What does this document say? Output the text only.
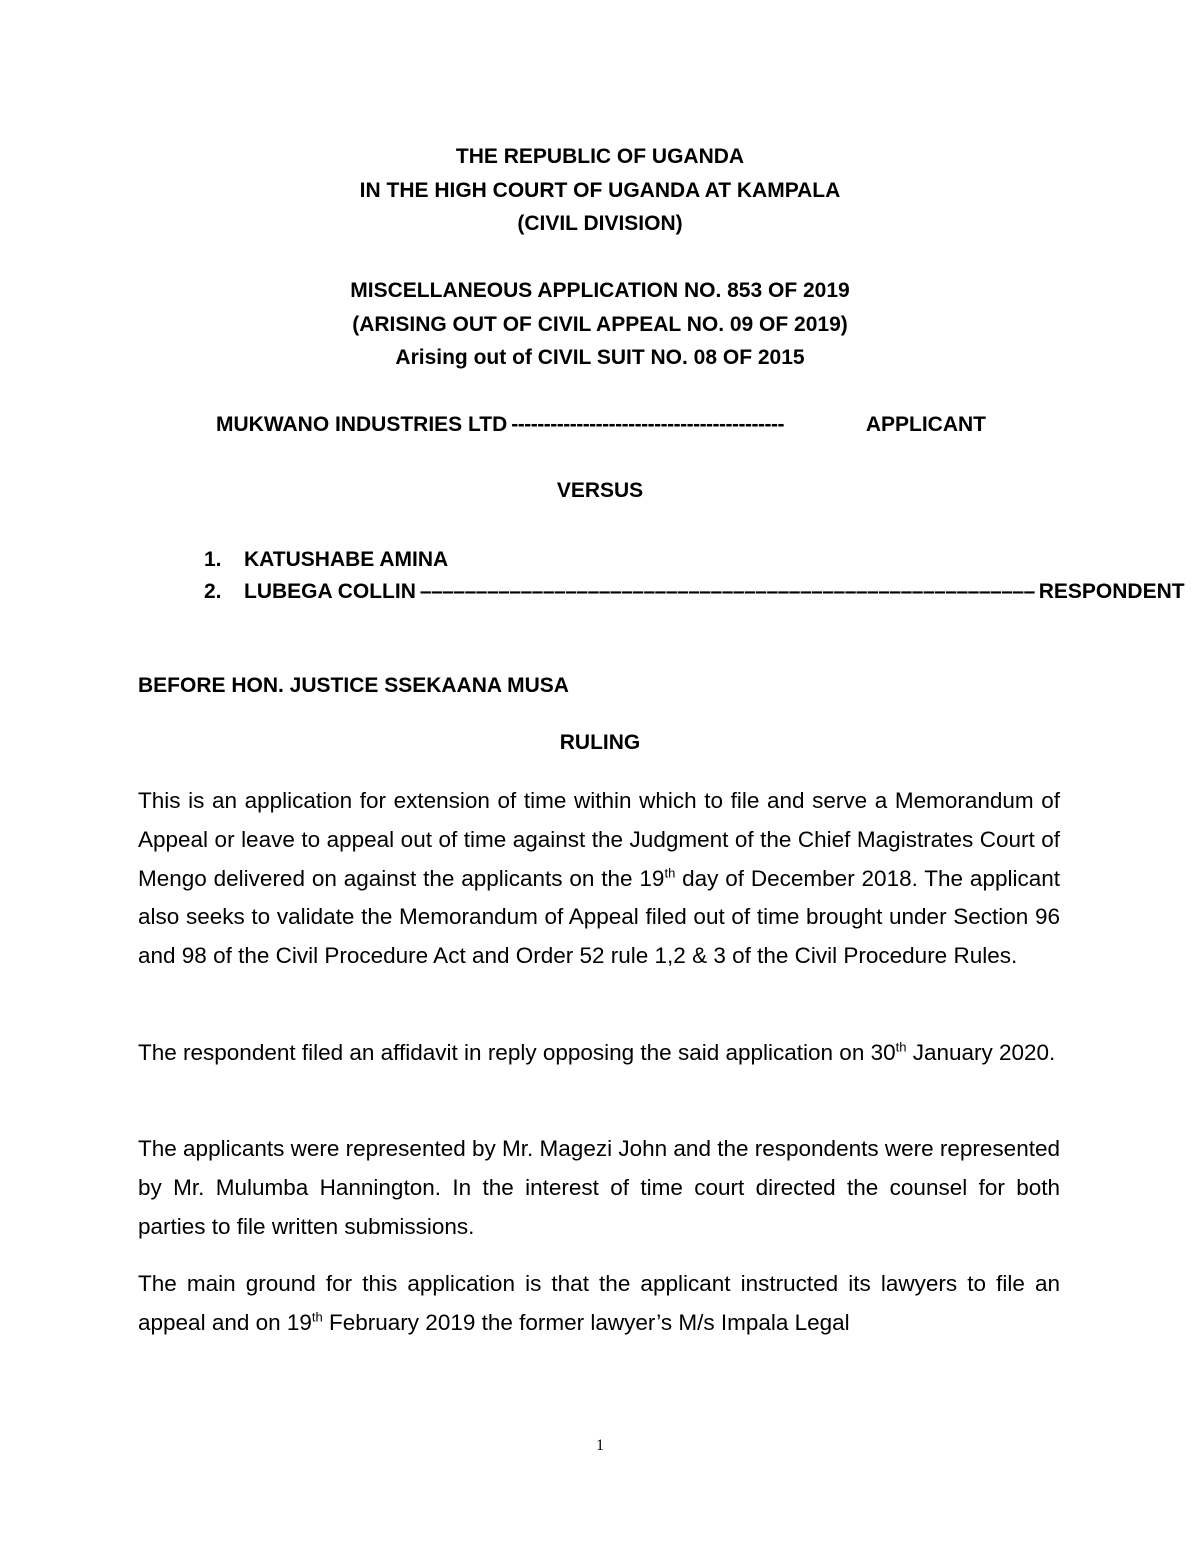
THE REPUBLIC OF UGANDA
IN THE HIGH COURT OF UGANDA AT KAMPALA
(CIVIL DIVISION)
MISCELLANEOUS APPLICATION NO. 853 OF 2019
(ARISING OUT OF CIVIL APPEAL NO. 09 OF 2019)
Arising out of CIVIL SUIT NO. 08 OF 2015
MUKWANO INDUSTRIES LTD ------------------------------------------	APPLICANT
VERSUS
1.	KATUSHABE AMINA
2.	LUBEGA COLLIN ––––––––––––––––––––––––––––––––––––––––––––––––––––––– RESPONDENT
BEFORE HON. JUSTICE SSEKAANA MUSA
RULING

This is an application for extension of time within which to file and serve a Memorandum of Appeal or leave to appeal out of time against the Judgment of the Chief Magistrates Court of Mengo delivered on against the applicants on the 19th day of December 2018. The applicant also seeks to validate the Memorandum of Appeal filed out of time brought under Section 96 and 98 of the Civil Procedure Act and Order 52 rule 1,2 & 3 of the Civil Procedure Rules.

The respondent filed an affidavit in reply opposing the said application on 30th January 2020.

The applicants were represented by Mr. Magezi John and the respondents were represented by Mr. Mulumba Hannington. In the interest of time court directed the counsel for both parties to file written submissions.

The main ground for this application is that the applicant instructed its lawyers to file an appeal and on 19th February 2019 the former lawyer’s M/s Impala Legal

1
